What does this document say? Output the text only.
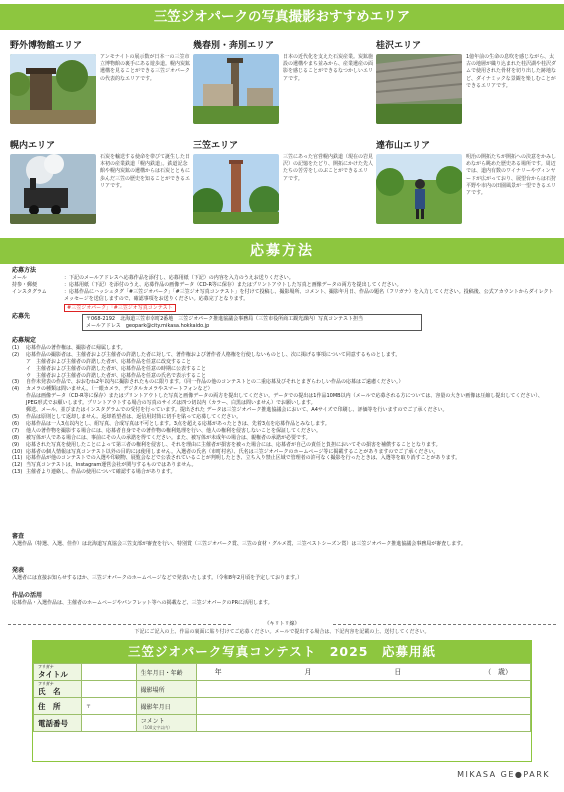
三笠ジオパークの写真撮影おすすめエリア
野外博物館エリア
アンモナイトの展示数が日本一の三笠市立博物館の裏手にある遊歩道。幌内炭鉱遺構を見ることができる三笠ジオパークの代表的なエリアです。
幾春別・奔別エリア
日本の近代化を支えた石炭産業。炭鉱施設の遺構やまち並みから、産業遺産の面影を感じることができるなつかしいエリアです。
桂沢エリア
1億年前の生命の息吹を感じながら、太古の地層が織り込まれた桂沢湖や桂沢ダムで使用された骨材を切り出した跡地など、ダイナミックな景観を楽しむことができるエリアです。
幌内エリア
石炭を輸送する使命を帯びて誕生した日本初の産業鉄道「幌内鉄道」。鉄道記念館や幌内炭鉱の遺構からは石炭とともに歩んだ三笠の歴史を知ることができるエリアです。
三笠エリア
三笠にあった官営幌内鉄道（現在の岩見沢）の記憶をたどり、開拓にかけた先人たちの苦労をしのぶことができるエリアです。
達布山エリア
明治の開拓たちが開拓への決意をかみしめながら眺めた歴史ある場所です。周辺では、道内有数のワイナリーやヴィンヤードが広がっており、展望台からは石狩平野や市内の田園風景が一望できるエリアです。
応募方法
応募方法
メール	：下記のメールアドレスへ応募作品を添付し、応募用紙（下記）の内容を入力のうえお送りください。
持参・郵便	：応募用紙（下記）を添付のうえ、応募作品の画像データ（CD-R等に保存）またはプリントアウトした写真と画像データの両方を提出してください。
インスタグラム	：応募作品にハッシュタグ「#三笠ジオパーク」「#三笠ジオ写真コンテスト」を付けて投稿し、撮影場所、コメント、撮影年月日、作品の題名（フリガナ）を入力してください。投稿後、公式アカウントからダイレクトメッセージを送信しますので、確認事項をお送りください。応募完了となります。
#三笠ジオパーク」「#三笠ジオ写真コンテスト
応募先	〒068-2192　北海道三笠市幸町2番地　三笠ジオパーク推進協議会事務局（三笠市役所商工観光課内）写真コンテスト担当
メールアドレス　geopark@city.mikasa.hokkaido.jp
応募規定
(1)	応募作品の著作権は、撮影者に帰属します。
(2)	応募作品の撮影者は、主催者および主催者の許諾した者に対して、著作権および著作者人格権を行使しないものとし、次に掲げる事項について同意するものとします。
ア　主催者および主催者の許諾した者が、応募作品を任意に改変すること
イ　主催者および主催者の許諾した者が、応募作品を任意の時期に公表すること
ウ　主催者および主催者の許諾した者が、応募作品を任意の氏名で表示すること
(3)	自作未発表の作品で、おおむね2年以内に撮影されたものに限ります。（同一作品の他のコンテストとの二重応募及びそれとまぎらわしい作品の応募はご遠慮ください。）
(4)	カメラの種類は問いません。（一眼カメラ、デジタルカメラやスマートフォンなど）
作品は画像データ（CD-R等に保存）またはプリントアウトした写真と画像データの両方を提出してください。データでの提出は1作品10MB以内（メールで応募される方については、容量の大きい画像は圧縮し提出してください）、JPEG形式でお願いします。プリントアウトする場合の写真のサイズは四つ切以内（カラー、白黒は問いません）でお願いします。
郵送、メール、並びまたはインスタグラムでの受付を行っています。提出された データは三笠ジオパーク推進協議会において、A4サイズで印刷し、評価等を行いますのでご了承ください。
(5)	作品は原則として返却しません。返却希望者は、返信用封筒に切手を貼って応募してください。
(6)	応募作品は一人3点以内とし、組写真、合成写真は不可とします。3点を超える応募があったときは、先着3点を応募作品とみなします。
(7)	他人の著作物を撮影する場合には、応募者自身でその著作物の権利処理を行い、他人の権利を侵害しないことを保証してください。
(8)	被写体が人である場合には、事前にその人の承諾を得てください。また、被写体が未成年の場合は、親権者の承諾が必要です。
(9)	応募された写真を使用したことによって第三者の権利を侵害し、それを理由に主催者が損害を被った場合には、応募者が自己の責任と負担においてその損害を補償することとなります。
(10) 応募者の個人情報は写真コンテスト以外の目的には使用しません。入選者の氏名（市町村名）、氏名は三笠ジオパークのホームページ等に掲載することがありますのでご了承ください。
(11) 応募作品が他のコンテストでの入選や印刷物、展覧会などで公表されていることが判明したとき、立ち入り禁止区域で管理者の許可なく撮影を行ったときは、入選等を取り消すことがあります。
(12) 当写真コンテストは、Instagram運営会社が関与するものではありません。
(13) 主催者より連絡し、作品の使用について確認する場合があります。
審査
入選作品（特選、入選、佳作）は北海道写真協会三笠支部が審査を行い、特別賞（三笠ジオパーク賞、三笠の食材・グルメ賞、三笠ベストシーズン賞）は三笠ジオパーク推進協議会事務局が審査します。
発表
入選者には直接お知らせするほか、三笠ジオパークのホームページなどで発表いたします。（令和8年2月頃を予定しております。）
作品の活用
応募作品・入選作品は、主催者のホームページやパンフレット等への掲載など、三笠ジオパークのPRに活用します。
《キリトリ線》
下記にご記入の上、作品の裏面に貼り付けてご応募ください。メールで提出する場合は、下記内容を記載の上、送付してください。
三笠ジオパーク写真コンテスト　2025　応募用紙
フリガナ
タイトル		生年月日・年齢	年 月 日 （ 歳）

フリガナ
氏　名		撮影場所	
住　所	〒	撮影年月日	
電話番号		コメント
（100文字以内）	

MIKASA GE●PARK
